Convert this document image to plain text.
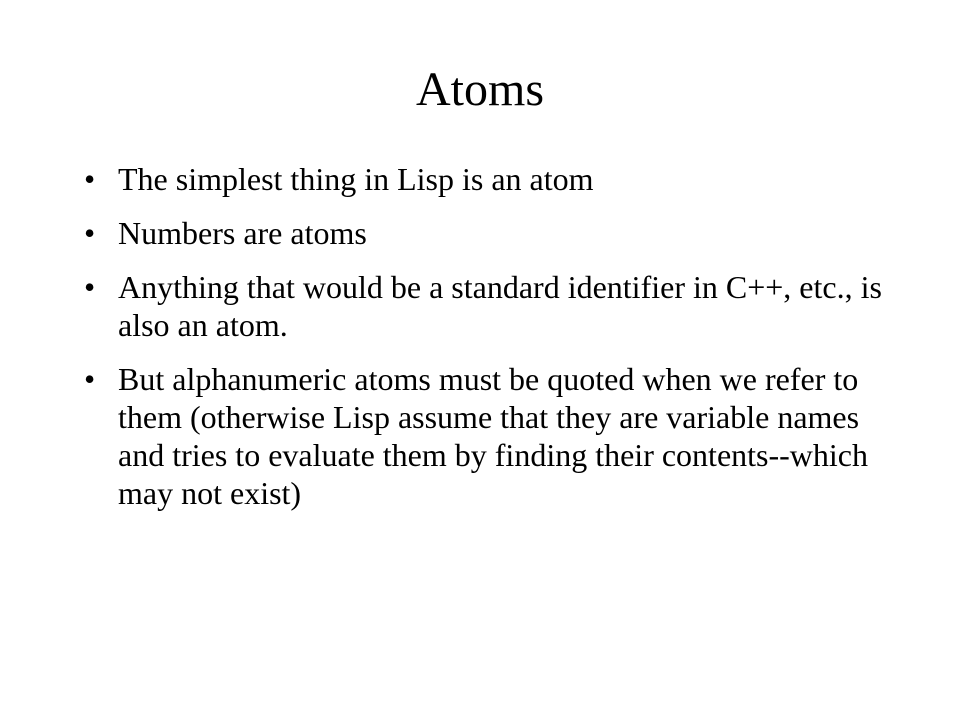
Atoms
• The simplest thing in Lisp is an atom
• Numbers are atoms
• Anything that would be a standard identifier in C++, etc., is also an atom.
• But alphanumeric atoms must be quoted when we refer to them (otherwise Lisp assume that they are variable names and tries to evaluate them by finding their contents--which may not exist)
